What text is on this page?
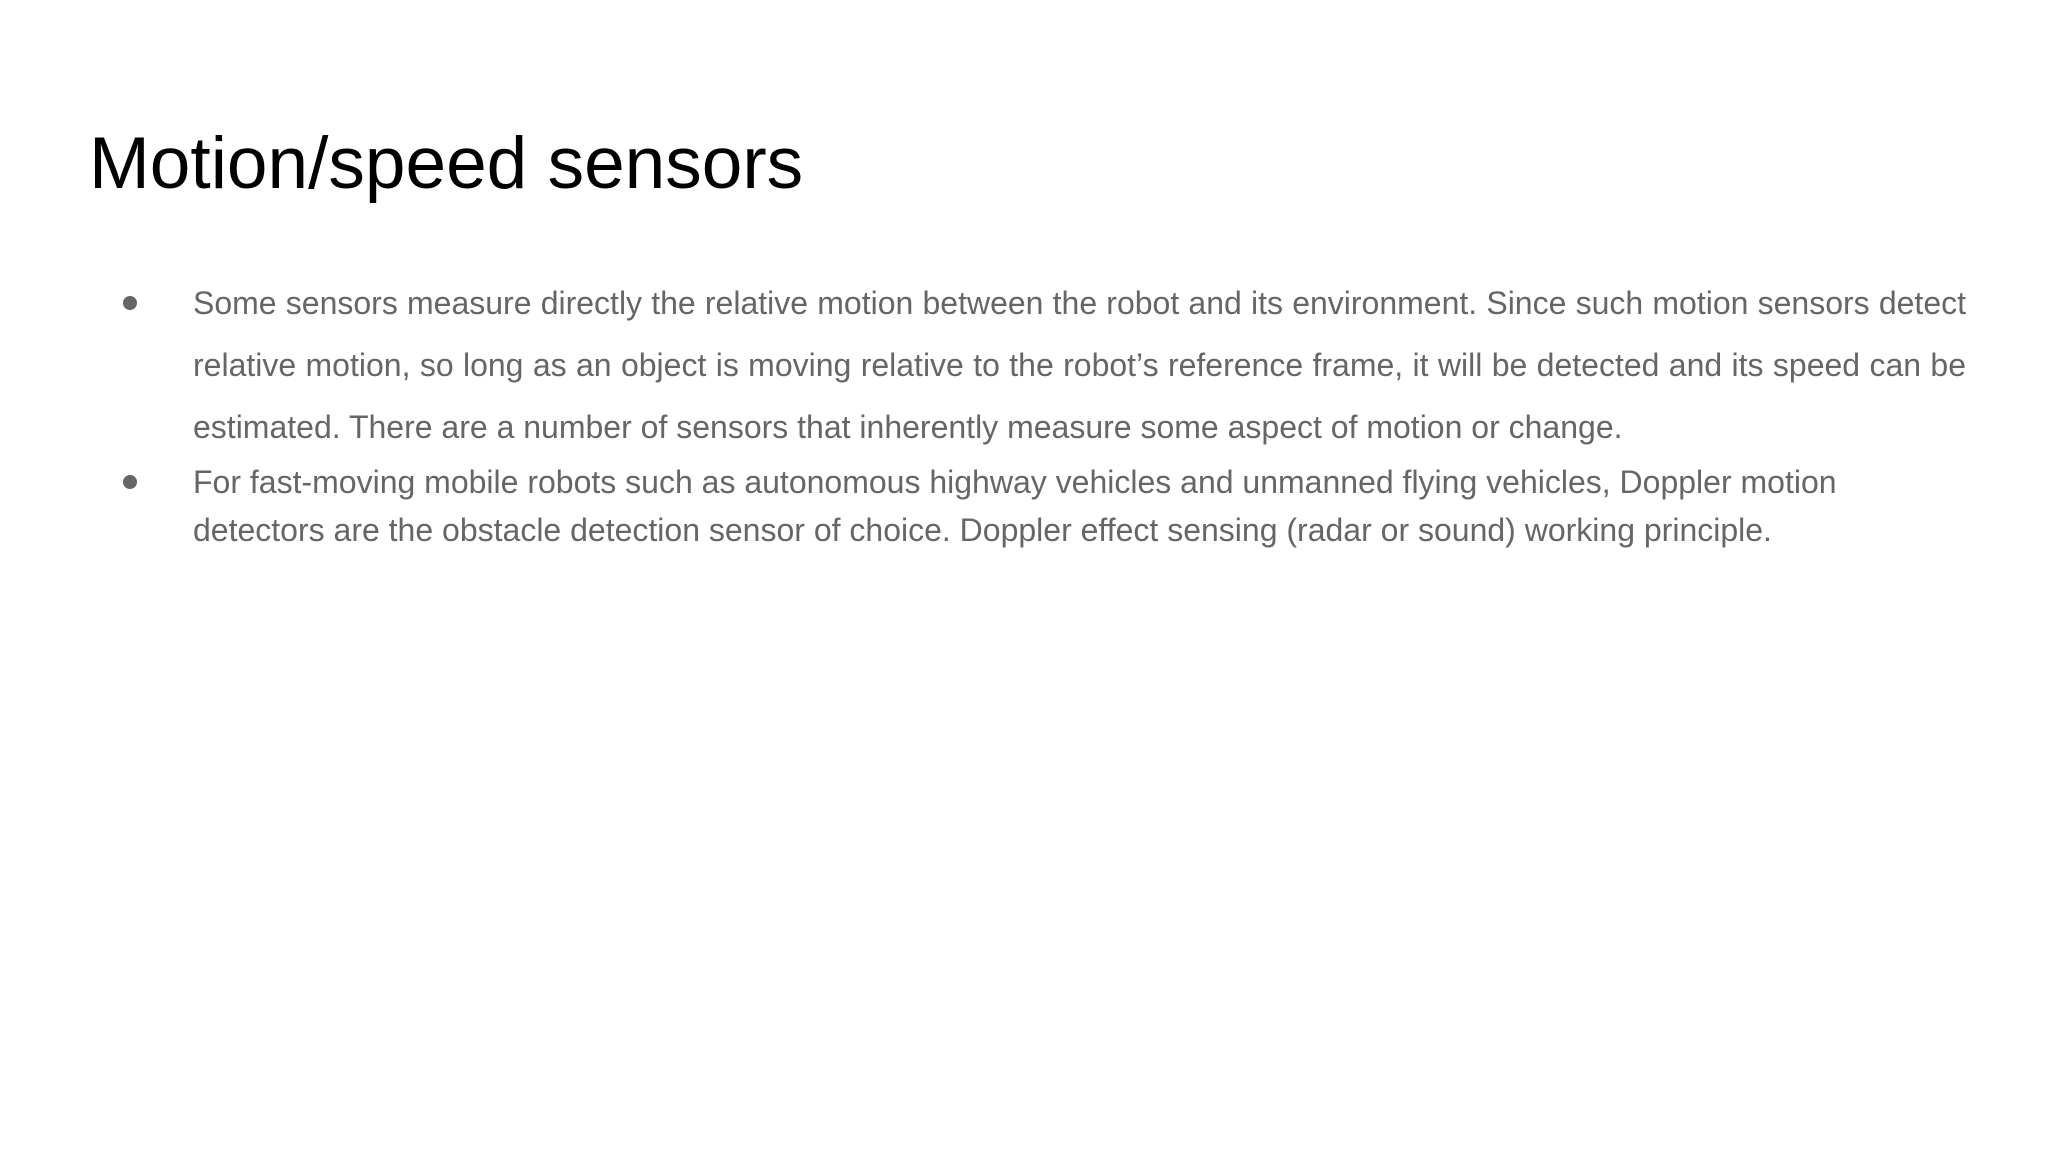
Motion/speed sensors
Some sensors measure directly the relative motion between the robot and its environment. Since such motion sensors detect relative motion, so long as an object is moving relative to the robot’s reference frame, it will be detected and its speed can be estimated. There are a number of sensors that inherently measure some aspect of motion or change.
For fast-moving mobile robots such as autonomous highway vehicles and unmanned flying vehicles, Doppler motion detectors are the obstacle detection sensor of choice. Doppler effect sensing (radar or sound) working principle.
